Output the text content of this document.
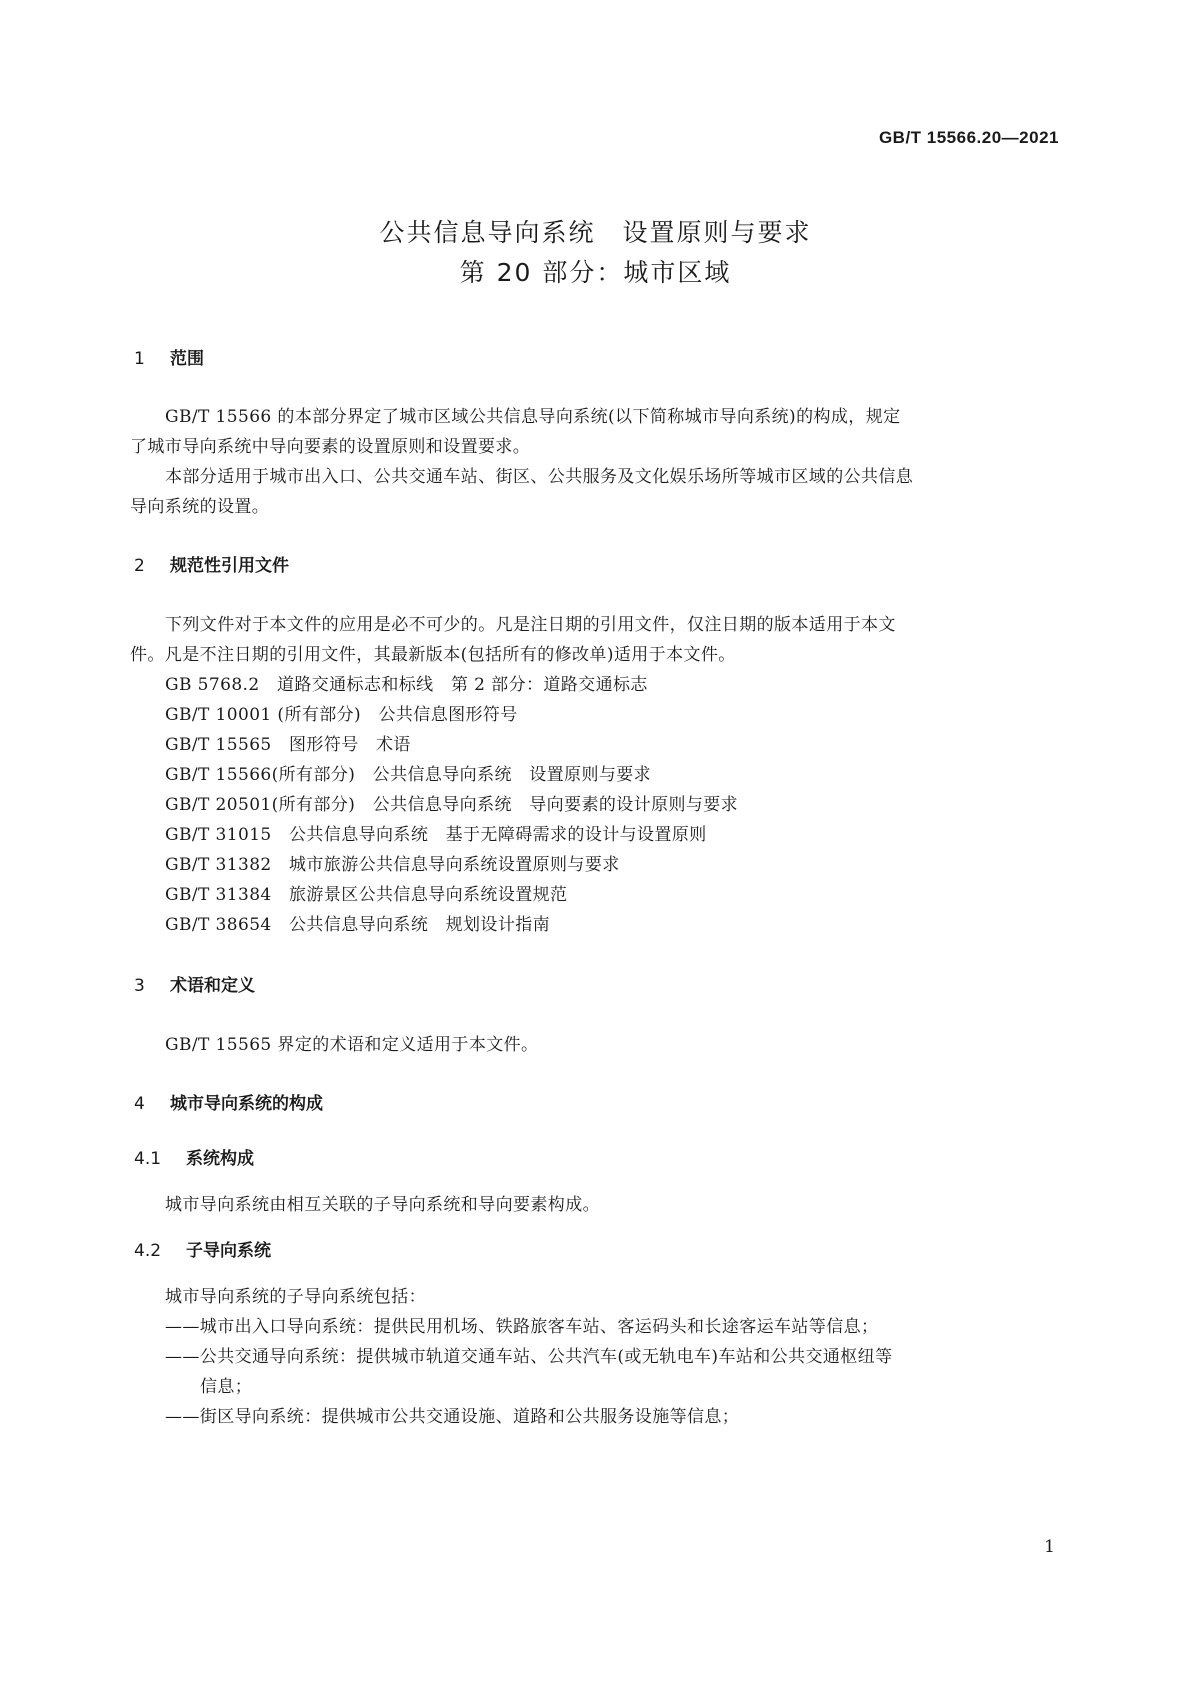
GB/T 15566.20—2021
公共信息导向系统　设置原则与要求
第 20 部分：城市区域
1 范围
GB/T 15566 的本部分界定了城市区域公共信息导向系统(以下简称城市导向系统)的构成，规定
了城市导向系统中导向要素的设置原则和设置要求。
本部分适用于城市出入口、公共交通车站、街区、公共服务及文化娱乐场所等城市区域的公共信息
导向系统的设置。
2 规范性引用文件
下列文件对于本文件的应用是必不可少的。凡是注日期的引用文件，仅注日期的版本适用于本文
件。凡是不注日期的引用文件，其最新版本(包括所有的修改单)适用于本文件。
GB 5768.2　道路交通标志和标线　第 2 部分：道路交通标志
GB/T 10001 (所有部分)　公共信息图形符号
GB/T 15565　图形符号　术语
GB/T 15566(所有部分)　公共信息导向系统　设置原则与要求
GB/T 20501(所有部分)　公共信息导向系统　导向要素的设计原则与要求
GB/T 31015　公共信息导向系统　基于无障碍需求的设计与设置原则
GB/T 31382　城市旅游公共信息导向系统设置原则与要求
GB/T 31384　旅游景区公共信息导向系统设置规范
GB/T 38654　公共信息导向系统　规划设计指南
3 术语和定义
GB/T 15565 界定的术语和定义适用于本文件。
4 城市导向系统的构成
4.1 系统构成
城市导向系统由相互关联的子导向系统和导向要素构成。
4.2 子导向系统
城市导向系统的子导向系统包括：
——城市出入口导向系统：提供民用机场、铁路旅客车站、客运码头和长途客运车站等信息；
——公共交通导向系统：提供城市轨道交通车站、公共汽车(或无轨电车)车站和公共交通枢纽等
信息；
——街区导向系统：提供城市公共交通设施、道路和公共服务设施等信息；
1
